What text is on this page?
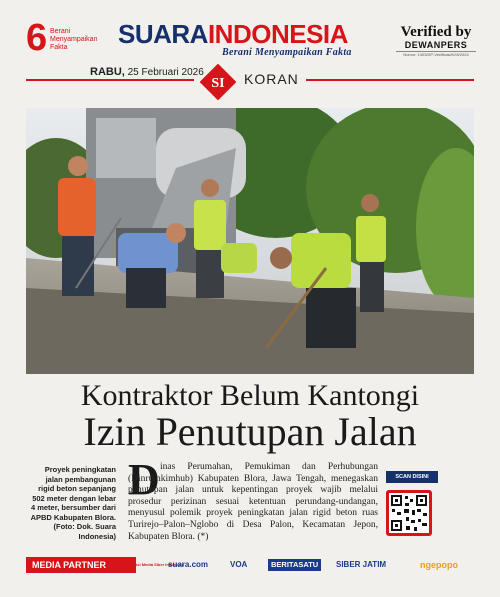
6 Berani Menyampaikan Fakta	SUARAINDONESIA
Berani Menyampaikan Fakta
Verified by
DEWANPERS
Nomor: 1403/DP-Verifikasi/K/III/2024
RABU, 25 Februari 2026
SI KORAN
Kontraktor Belum Kantongi
Izin Penutupan Jalan
Proyek peningkatan jalan pembangunan rigid beton sepanjang 502 meter dengan lebar 4 meter, bersumber dari APBD Kabupaten Blora. (Foto: Dok. Suara Indonesia)
D inas Perumahan, Pemukiman dan Perhubungan (Dinrumkimhub) Kabupaten Blora, Jawa Tengah, menegaskan penutupan jalan untuk kepentingan proyek wajib melalui prosedur perizinan sesuai ketentuan perundang-undangan, menyusul polemik proyek peningkatan jalan rigid beton ruas Turirejo–Palon–Nglobo di Desa Palon, Kecamatan Jepon, Kabupaten Blora. (*)
SCAN DISINI
MEDIA PARTNER ▲ Asosiasi Media Siber Indonesia
suara.com	VOA	BERITASATU	SIBER JATIM	ngepopo
